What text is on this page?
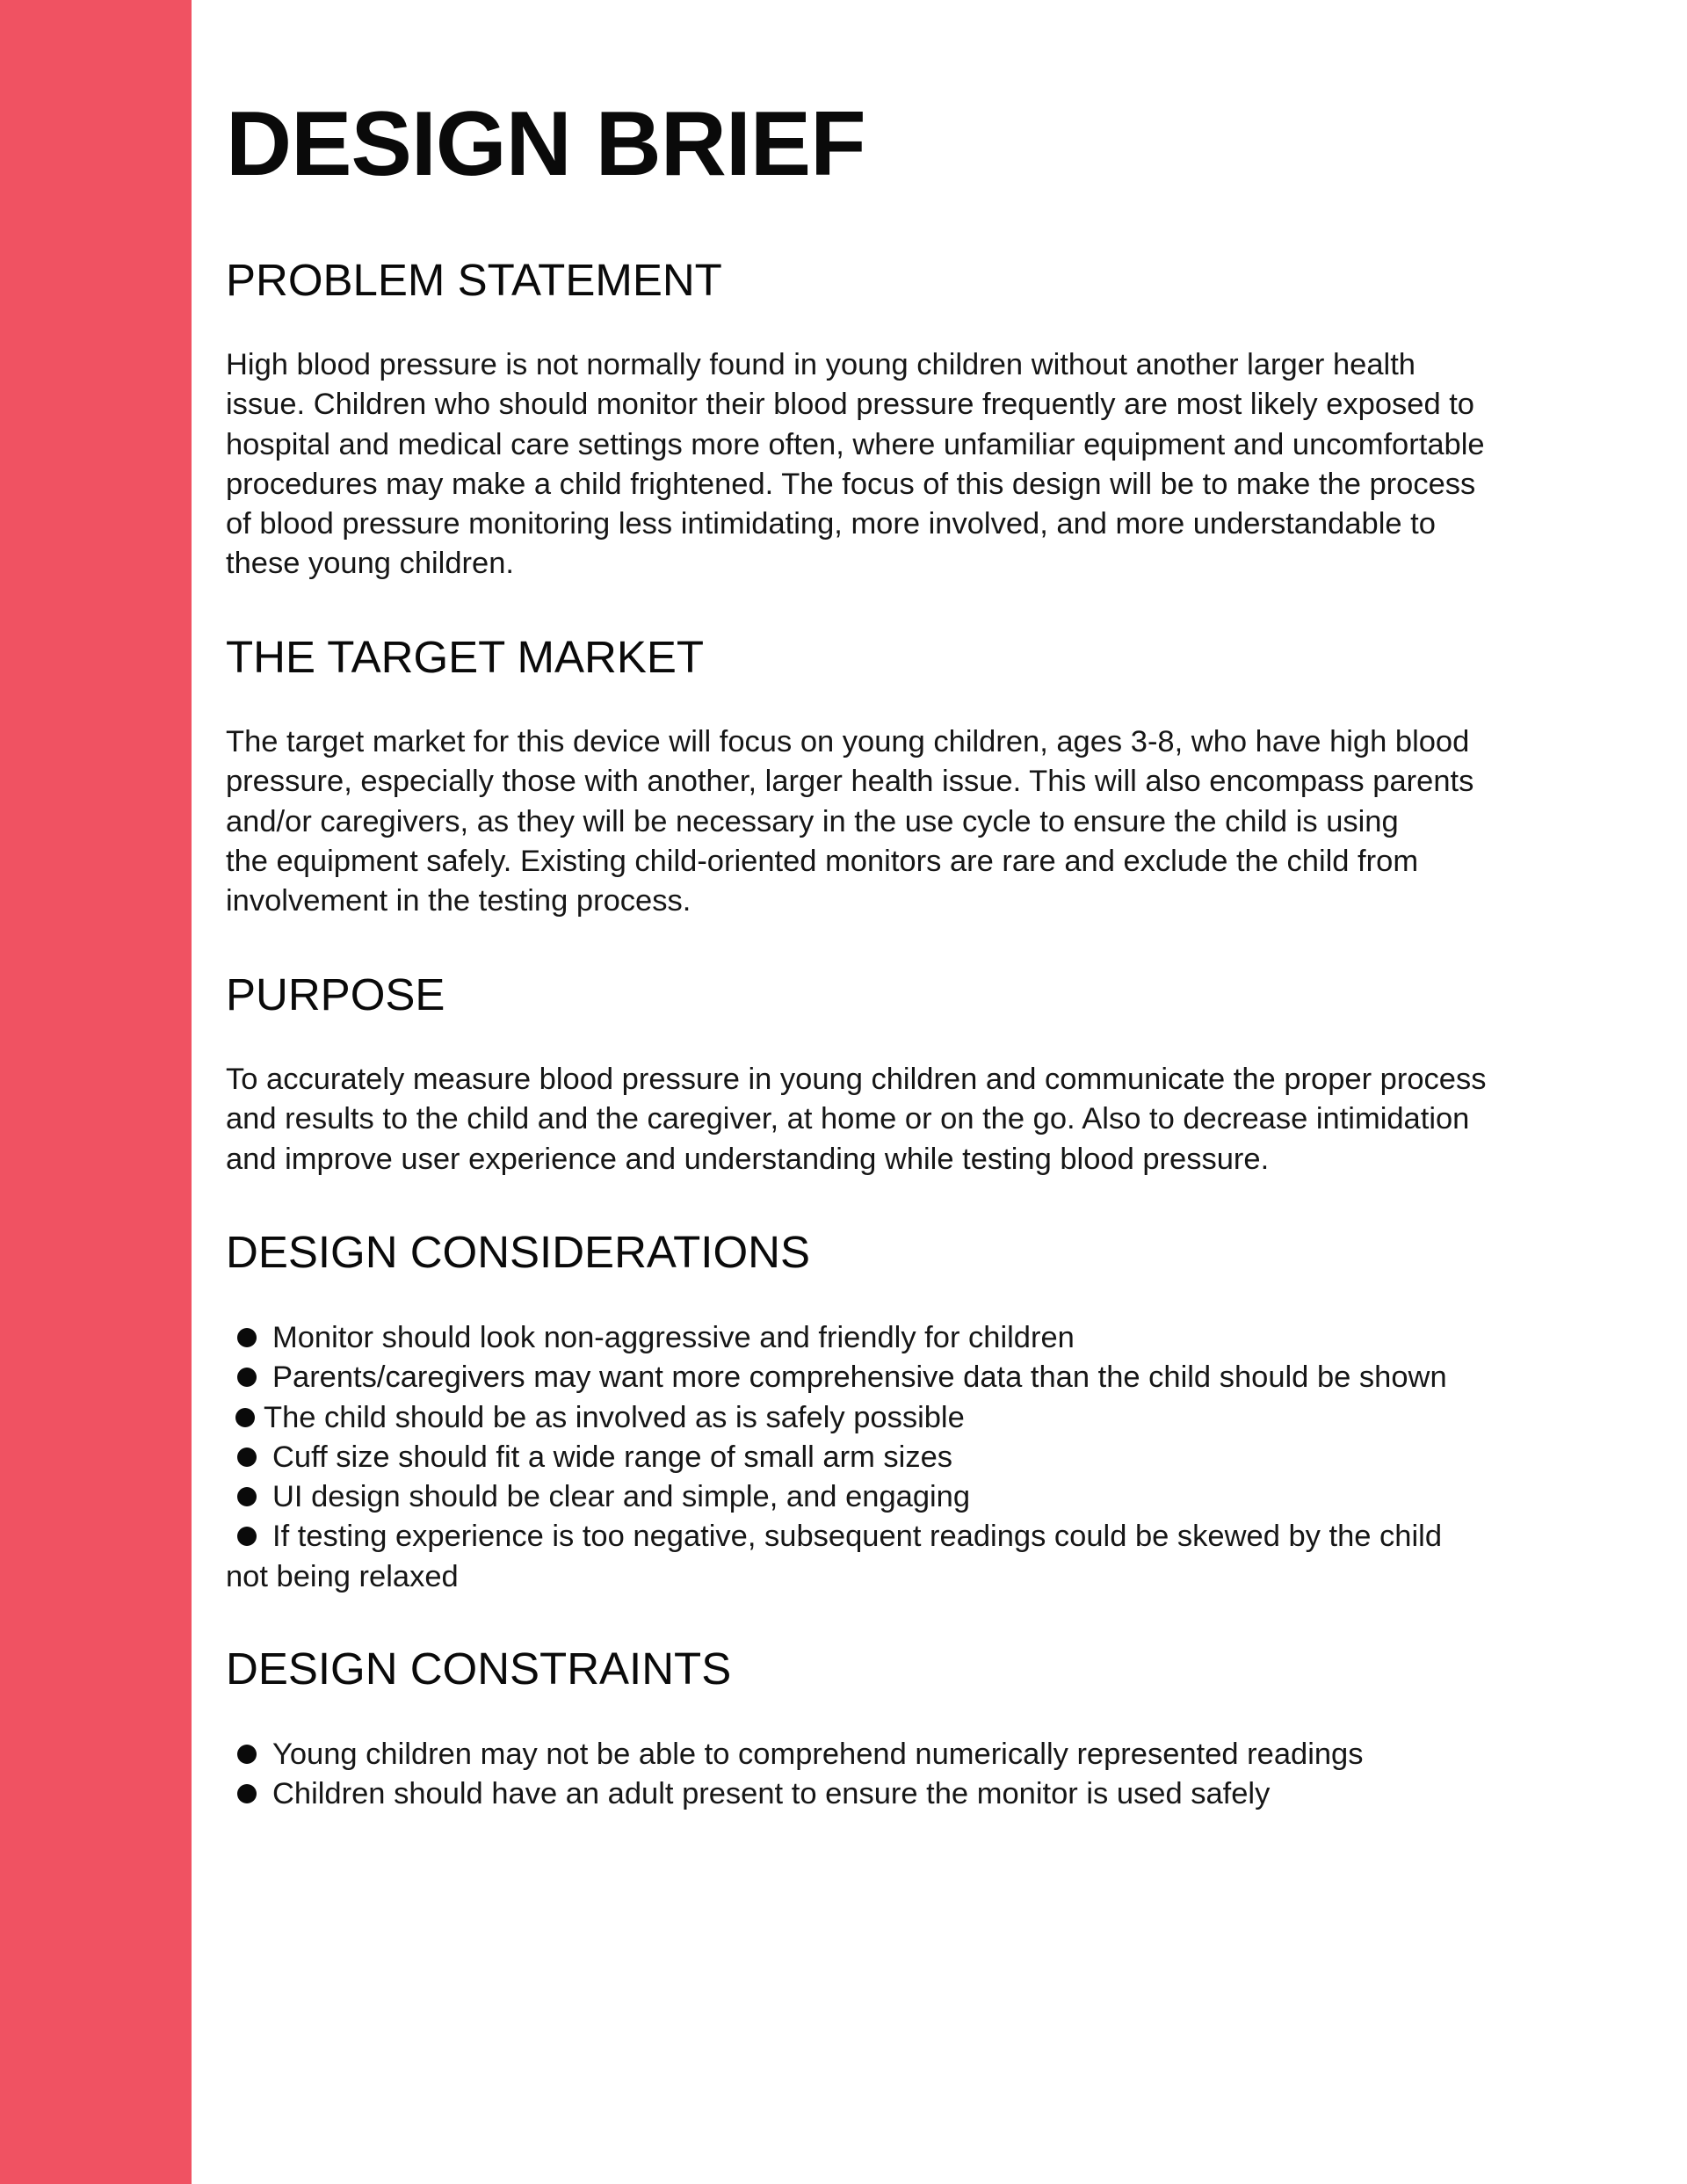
DESIGN BRIEF
PROBLEM STATEMENT
High blood pressure is not normally found in young children without another larger health
issue. Children who should monitor their blood pressure frequently are most likely exposed to
hospital and medical care settings more often, where unfamiliar equipment and uncomfortable
procedures may make a child frightened. The focus of this design will be to make the process
of blood pressure monitoring less intimidating, more involved, and more understandable to
these young children.
THE TARGET MARKET
The target market for this device will focus on young children, ages 3-8, who have high blood
pressure, especially those with another, larger health issue. This will also encompass parents
and/or caregivers, as they will be necessary in the use cycle to ensure the child is using
the equipment safely. Existing child-oriented monitors are rare and exclude the child from
involvement in the testing process.
PURPOSE
To accurately measure blood pressure in young children and communicate the proper process
and results to the child and the caregiver, at home or on the go. Also to decrease intimidation
and improve user experience and understanding while testing blood pressure.
DESIGN CONSIDERATIONS
Monitor should look non-aggressive and friendly for children
Parents/caregivers may want more comprehensive data than the child should be shown
The child should be as involved as is safely possible
Cuff size should fit a wide range of small arm sizes
UI design should be clear and simple, and engaging
If testing experience is too negative, subsequent readings could be skewed by the child
not being relaxed
DESIGN CONSTRAINTS
Young children may not be able to comprehend numerically represented readings
Children should have an adult present to ensure the monitor is used safely
